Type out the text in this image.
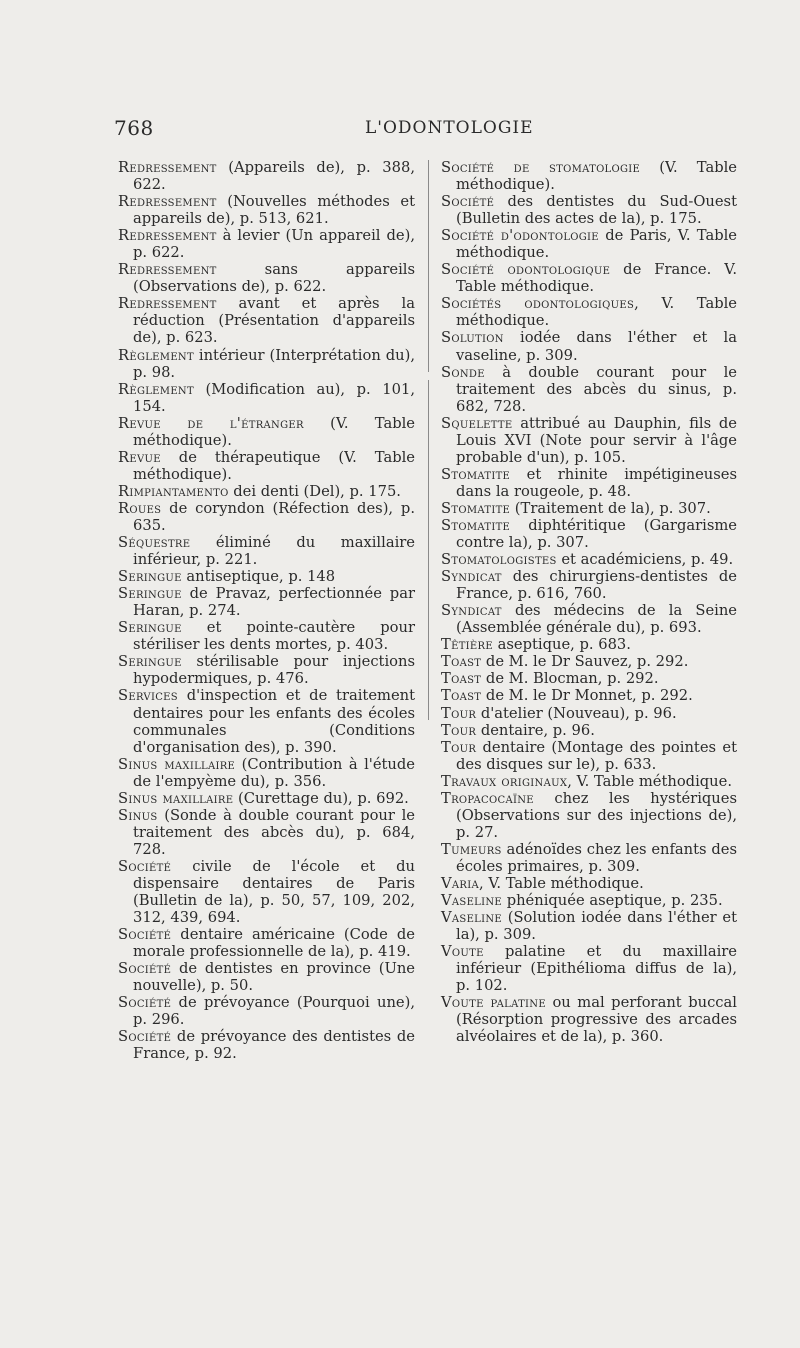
768	L'ODONTOLOGIE

Redressement (Appareils de), p. 388, 622.

Redressement (Nouvelles méthodes et appareils de), p. 513, 621.

Redressement à levier (Un appareil de), p. 622.

Redressement sans appareils (Observations de), p. 622.

Redressement avant et après la réduction (Présentation d'appareils de), p. 623.

Règlement intérieur (Interprétation du), p. 98.

Règlement (Modification au), p. 101, 154.

Revue de l'étranger (V. Table méthodique).

Revue de thérapeutique (V. Table méthodique).

Rimpiantamento dei denti (Del), p. 175.

Roues de coryndon (Réfection des), p. 635.

Séquestre éliminé du maxillaire inférieur, p. 221.

Seringue antiseptique, p. 148

Seringue de Pravaz, perfectionnée par Haran, p. 274.

Seringue et pointe-cautère pour stériliser les dents mortes, p. 403.

Seringue stérilisable pour injections hypodermiques, p. 476.

Services d'inspection et de traitement dentaires pour les enfants des écoles communales (Conditions d'organisation des), p. 390.

Sinus maxillaire (Contribution à l'étude de l'empyème du), p. 356.

Sinus maxillaire (Curettage du), p. 692.

Sinus (Sonde à double courant pour le traitement des abcès du), p. 684, 728.

Société civile de l'école et du dispensaire dentaires de Paris (Bulletin de la), p. 50, 57, 109, 202, 312, 439, 694.

Société dentaire américaine (Code de morale professionnelle de la), p. 419.

Société de dentistes en province (Une nouvelle), p. 50.

Société de prévoyance (Pourquoi une), p. 296.

Société de prévoyance des dentistes de France, p. 92.

Société de stomatologie (V. Table méthodique).

Société des dentistes du Sud-Ouest (Bulletin des actes de la), p. 175.

Société d'odontologie de Paris, V. Table méthodique.

Société odontologique de France. V. Table méthodique.

Sociétés odontologiques, V. Table méthodique.

Solution iodée dans l'éther et la vaseline, p. 309.

Sonde à double courant pour le traitement des abcès du sinus, p. 682, 728.

Squelette attribué au Dauphin, fils de Louis XVI (Note pour servir à l'âge probable d'un), p. 105.

Stomatite et rhinite impétigineuses dans la rougeole, p. 48.

Stomatite (Traitement de la), p. 307.

Stomatite diphtéritique (Gargarisme contre la), p. 307.

Stomatologistes et académiciens, p. 49.

Syndicat des chirurgiens-dentistes de France, p. 616, 760.

Syndicat des médecins de la Seine (Assemblée générale du), p. 693.

Têtière aseptique, p. 683.

Toast de M. le Dr Sauvez, p. 292.

Toast de M. Blocman, p. 292.

Toast de M. le Dr Monnet, p. 292.

Tour d'atelier (Nouveau), p. 96.

Tour dentaire, p. 96.

Tour dentaire (Montage des pointes et des disques sur le), p. 633.

Travaux originaux, V. Table méthodique.

Tropacocaïne chez les hystériques (Observations sur des injections de), p. 27.

Tumeurs adénoïdes chez les enfants des écoles primaires, p. 309.

Varia, V. Table méthodique.

Vaseline phéniquée aseptique, p. 235.

Vaseline (Solution iodée dans l'éther et la), p. 309.

Voute palatine et du maxillaire inférieur (Epithélioma diffus de la), p. 102.

Voute palatine ou mal perforant buccal (Résorption progressive des arcades alvéolaires et de la), p. 360.
